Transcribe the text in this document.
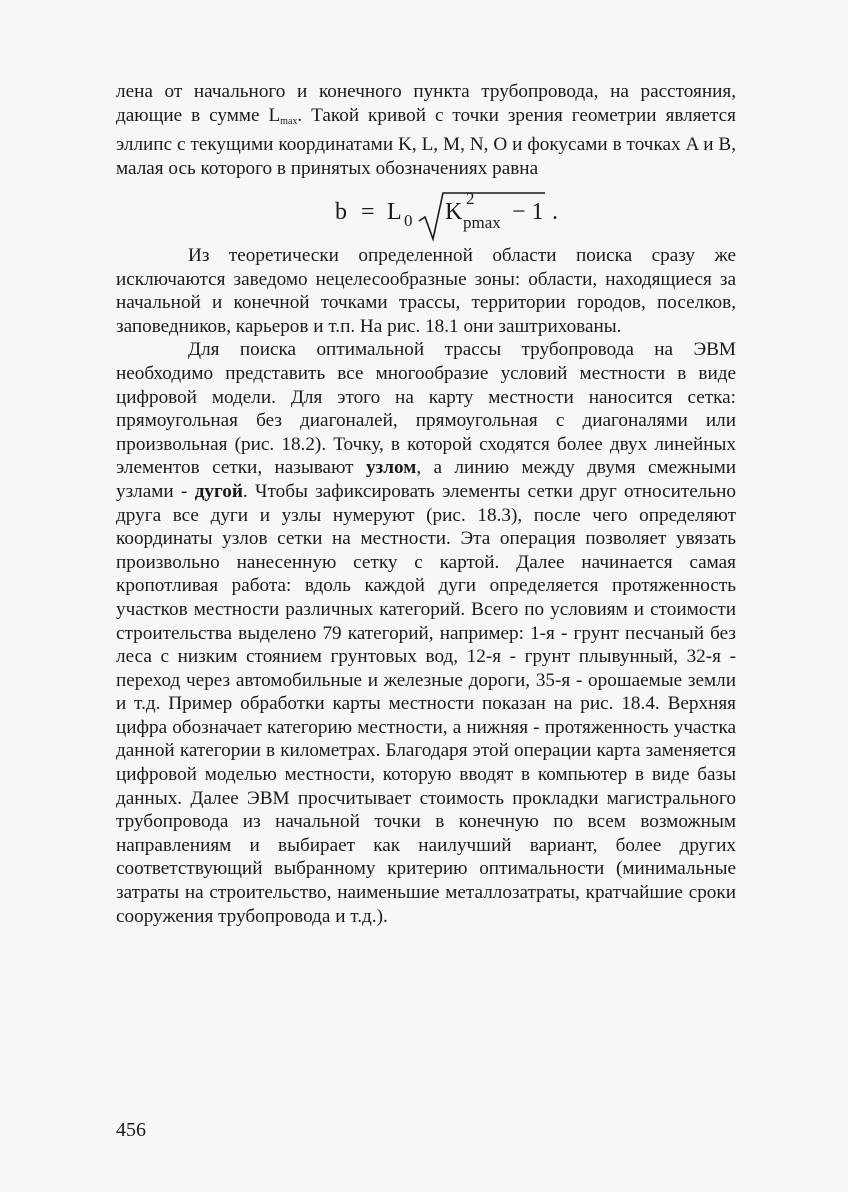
лена от начального и конечного пункта трубопровода, на расстояния, дающие в сумме Lmax. Такой кривой с точки зрения геометрии является эллипс с текущими координатами K, L, M, N, O и фокусами в точках A и B, малая ось которого в принятых обозначениях равна

b = L 0 K
2
pmax − 1 .

Из теоретически определенной области поиска сразу же исключаются заведомо нецелесообразные зоны: области, находящиеся за начальной и конечной точками трассы, территории городов, поселков, заповедников, карьеров и т.п. На рис. 18.1 они заштрихованы.

Для поиска оптимальной трассы трубопровода на ЭВМ необходимо представить все многообразие условий местности в виде цифровой модели. Для этого на карту местности наносится сетка: прямоугольная без диагоналей, прямоугольная с диагоналями или произвольная (рис. 18.2). Точку, в которой сходятся более двух линейных элементов сетки, называют узлом, а линию между двумя смежными узлами - дугой. Чтобы зафиксировать элементы сетки друг относительно друга все дуги и узлы нумеруют (рис. 18.3), после чего определяют координаты узлов сетки на местности. Эта операция позволяет увязать произвольно нанесенную сетку с картой. Далее начинается самая кропотливая работа: вдоль каждой дуги определяется протяженность участков местности различных категорий. Всего по условиям и стоимости строительства выделено 79 категорий, например: 1-я - грунт песчаный без леса с низким стоянием грунтовых вод, 12-я - грунт плывунный, 32-я - переход через автомобильные и железные дороги, 35-я - орошаемые земли и т.д. Пример обработки карты местности показан на рис. 18.4. Верхняя цифра обозначает категорию местности, а нижняя - протяженность участка данной категории в километрах. Благодаря этой операции карта заменяется цифровой моделью местности, которую вводят в компьютер в виде базы данных. Далее ЭВМ просчитывает стоимость прокладки магистрального трубопровода из начальной точки в конечную по всем возможным направлениям и выбирает как наилучший вариант, более других соответствующий выбранному критерию оптимальности (минимальные затраты на строительство, наименьшие металлозатраты, кратчайшие сроки сооружения трубопровода и т.д.).

456
